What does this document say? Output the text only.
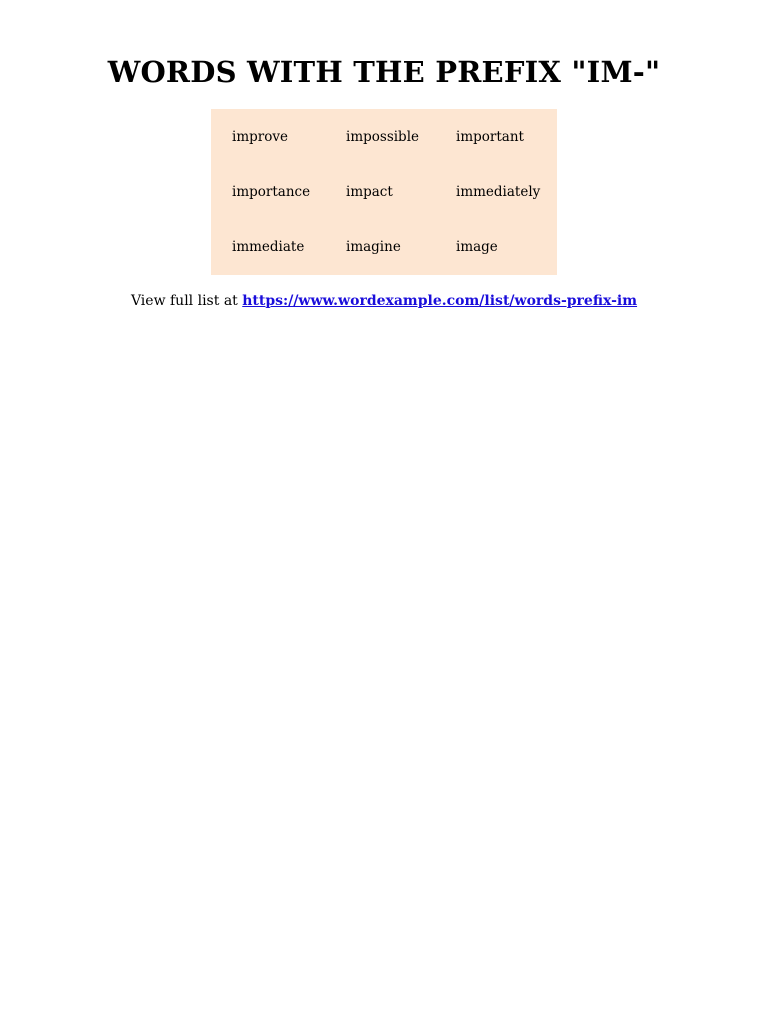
WORDS WITH THE PREFIX "IM-"
improve	impossible	important
importance	impact	immediately
immediate	imagine	image
View full list at https://www.wordexample.com/list/words-prefix-im
